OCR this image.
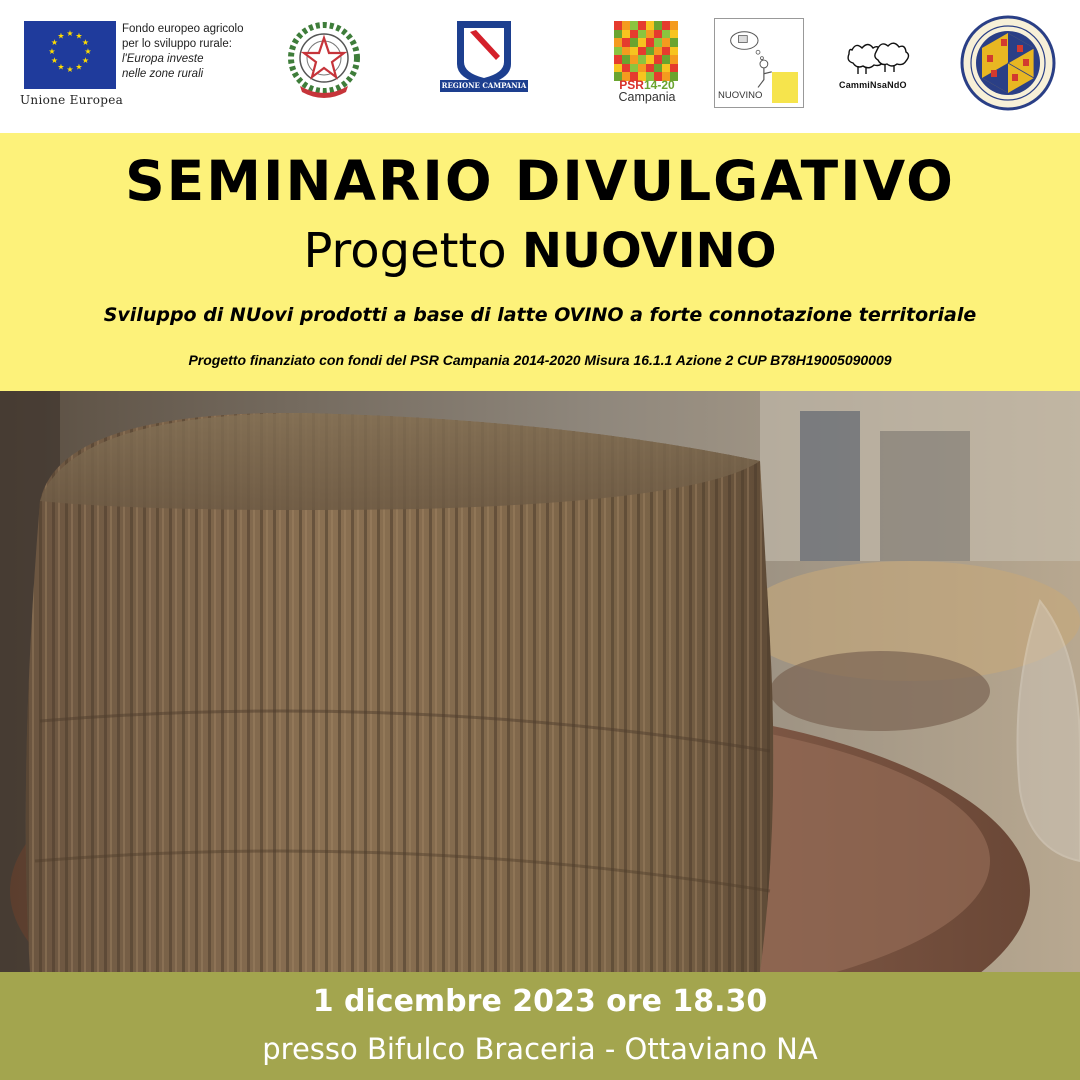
★ ★
★
★
★
★
★
★
★
★
★
★
Unione Europea
Fondo europeo agricolo
per lo sviluppo rurale:
l'Europa investe
nelle zone rurali
REGIONE CAMPANIA	PSR14-20
Campania	NUOVINO
CammiNsaNdO
SEMINARIO DIVULGATIVO
Progetto NUOVINO
Sviluppo di NUovi prodotti a base di latte OVINO a forte connotazione territoriale
Progetto finanziato con fondi del PSR Campania 2014-2020 Misura 16.1.1 Azione 2 CUP B78H19005090009
1 dicembre 2023 ore 18.30
presso Bifulco Braceria - Ottaviano NA
